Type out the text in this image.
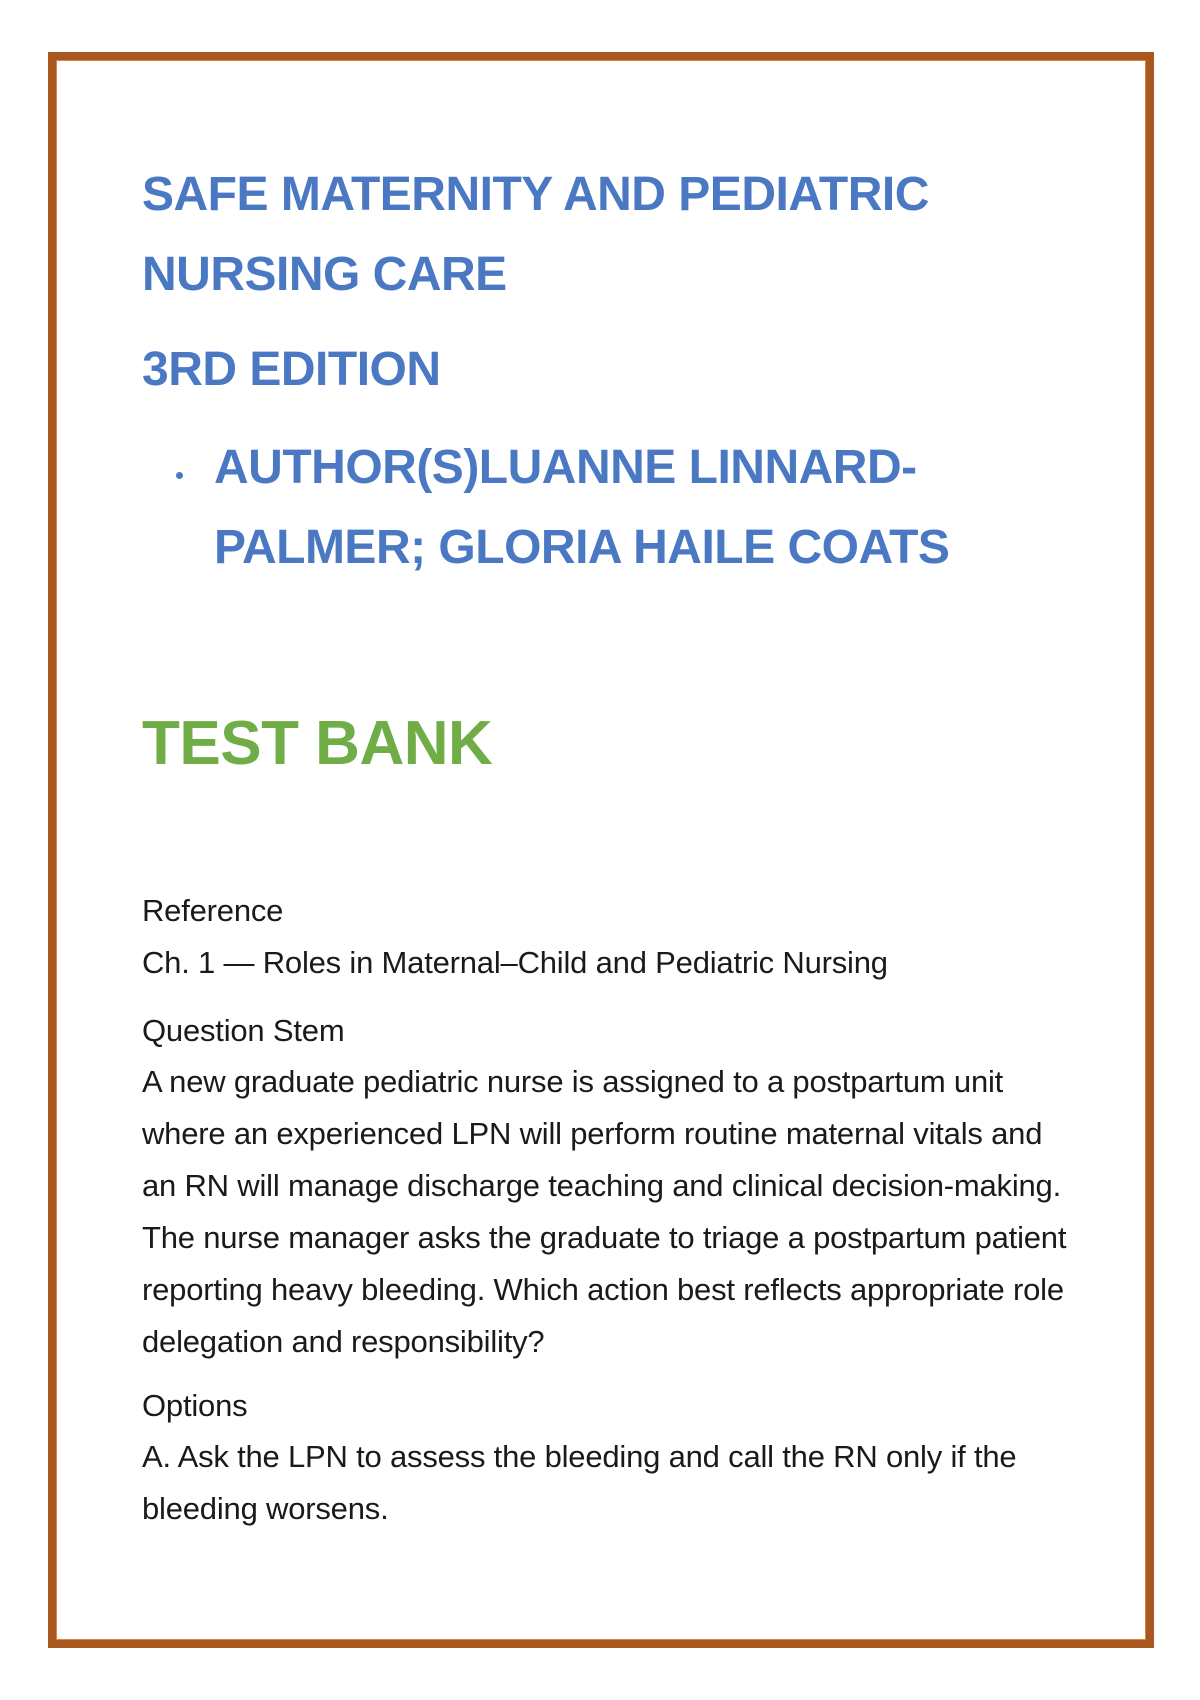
SAFE MATERNITY AND PEDIATRIC NURSING CARE
3RD EDITION
AUTHOR(S)LUANNE LINNARD-PALMER; GLORIA HAILE COATS
TEST BANK

Reference

Ch. 1 — Roles in Maternal–Child and Pediatric Nursing

Question Stem

A new graduate pediatric nurse is assigned to a postpartum unit where an experienced LPN will perform routine maternal vitals and an RN will manage discharge teaching and clinical decision-making. The nurse manager asks the graduate to triage a postpartum patient reporting heavy bleeding. Which action best reflects appropriate role delegation and responsibility?

Options

A. Ask the LPN to assess the bleeding and call the RN only if the bleeding worsens.
